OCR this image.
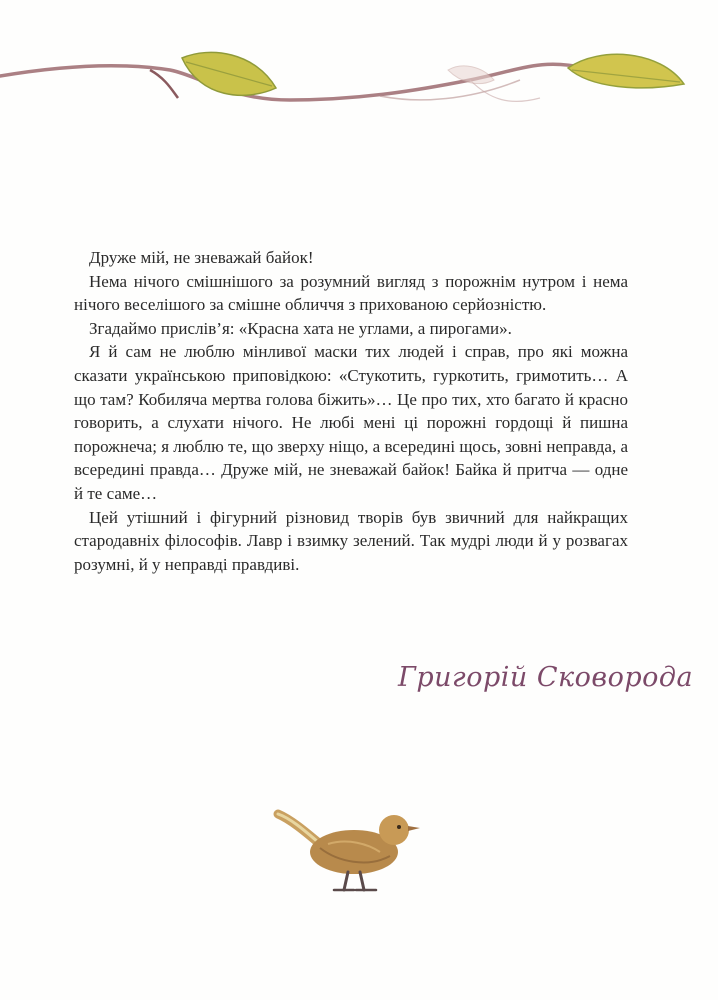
Друже мій, не зневажай байок!

Нема нічого смішнішого за розумний вигляд з порожнім нутром і нема нічого веселішого за смішне обличчя з прихованою серйозністю.

Згадаймо прислів’я: «Красна хата не углами, а пирогами».

Я й сам не люблю мінливої маски тих людей і справ, про які можна сказати українською приповідкою: «Стукотить, гуркотить, гримотить… А що там? Кобиляча мертва голова біжить»… Це про тих, хто багато й красно говорить, а слухати нічого. Не любі мені ці порожні гордощі й пишна порожнеча; я люблю те, що зверху ніщо, а всередині щось, зовні неправда, а всередині правда… Друже мій, не зневажай байок! Байка й притча — одне й те саме…

Цей утішний і фігурний різновид творів був звичний для найкращих стародавніх філософів. Лавр і взимку зелений. Так мудрі люди й у розвагах розумні, й у неправді правдиві.

Григорій Сковорода
